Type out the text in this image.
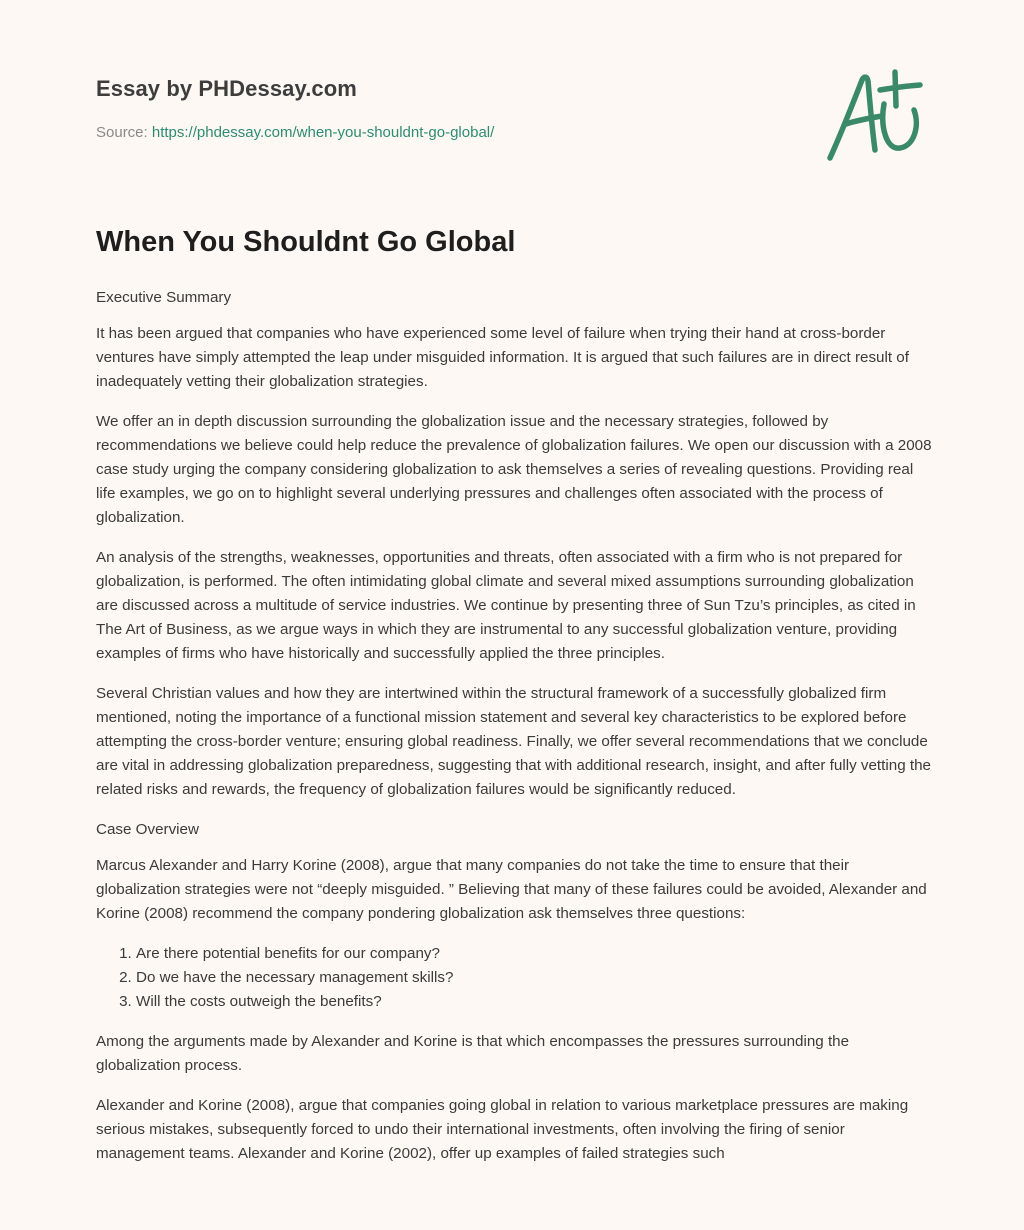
Essay by PHDessay.com
Source: https://phdessay.com/when-you-shouldnt-go-global/
When You Shouldnt Go Global

Executive Summary

It has been argued that companies who have experienced some level of failure when trying their hand at cross-border ventures have simply attempted the leap under misguided information. It is argued that such failures are in direct result of inadequately vetting their globalization strategies.

We offer an in depth discussion surrounding the globalization issue and the necessary strategies, followed by recommendations we believe could help reduce the prevalence of globalization failures. We open our discussion with a 2008 case study urging the company considering globalization to ask themselves a series of revealing questions. Providing real life examples, we go on to highlight several underlying pressures and challenges often associated with the process of globalization.

An analysis of the strengths, weaknesses, opportunities and threats, often associated with a firm who is not prepared for globalization, is performed. The often intimidating global climate and several mixed assumptions surrounding globalization are discussed across a multitude of service industries. We continue by presenting three of Sun Tzu’s principles, as cited in The Art of Business, as we argue ways in which they are instrumental to any successful globalization venture, providing examples of firms who have historically and successfully applied the three principles.

Several Christian values and how they are intertwined within the structural framework of a successfully globalized firm mentioned, noting the importance of a functional mission statement and several key characteristics to be explored before attempting the cross-border venture; ensuring global readiness. Finally, we offer several recommendations that we conclude are vital in addressing globalization preparedness, suggesting that with additional research, insight, and after fully vetting the related risks and rewards, the frequency of globalization failures would be significantly reduced.

Case Overview

Marcus Alexander and Harry Korine (2008), argue that many companies do not take the time to ensure that their globalization strategies were not “deeply misguided. ” Believing that many of these failures could be avoided, Alexander and Korine (2008) recommend the company pondering globalization ask themselves three questions:

1. Are there potential benefits for our company?
2. Do we have the necessary management skills?
3. Will the costs outweigh the benefits?

Among the arguments made by Alexander and Korine is that which encompasses the pressures surrounding the globalization process.

Alexander and Korine (2008), argue that companies going global in relation to various marketplace pressures are making serious mistakes, subsequently forced to undo their international investments, often involving the firing of senior management teams. Alexander and Korine (2002), offer up examples of failed strategies such
